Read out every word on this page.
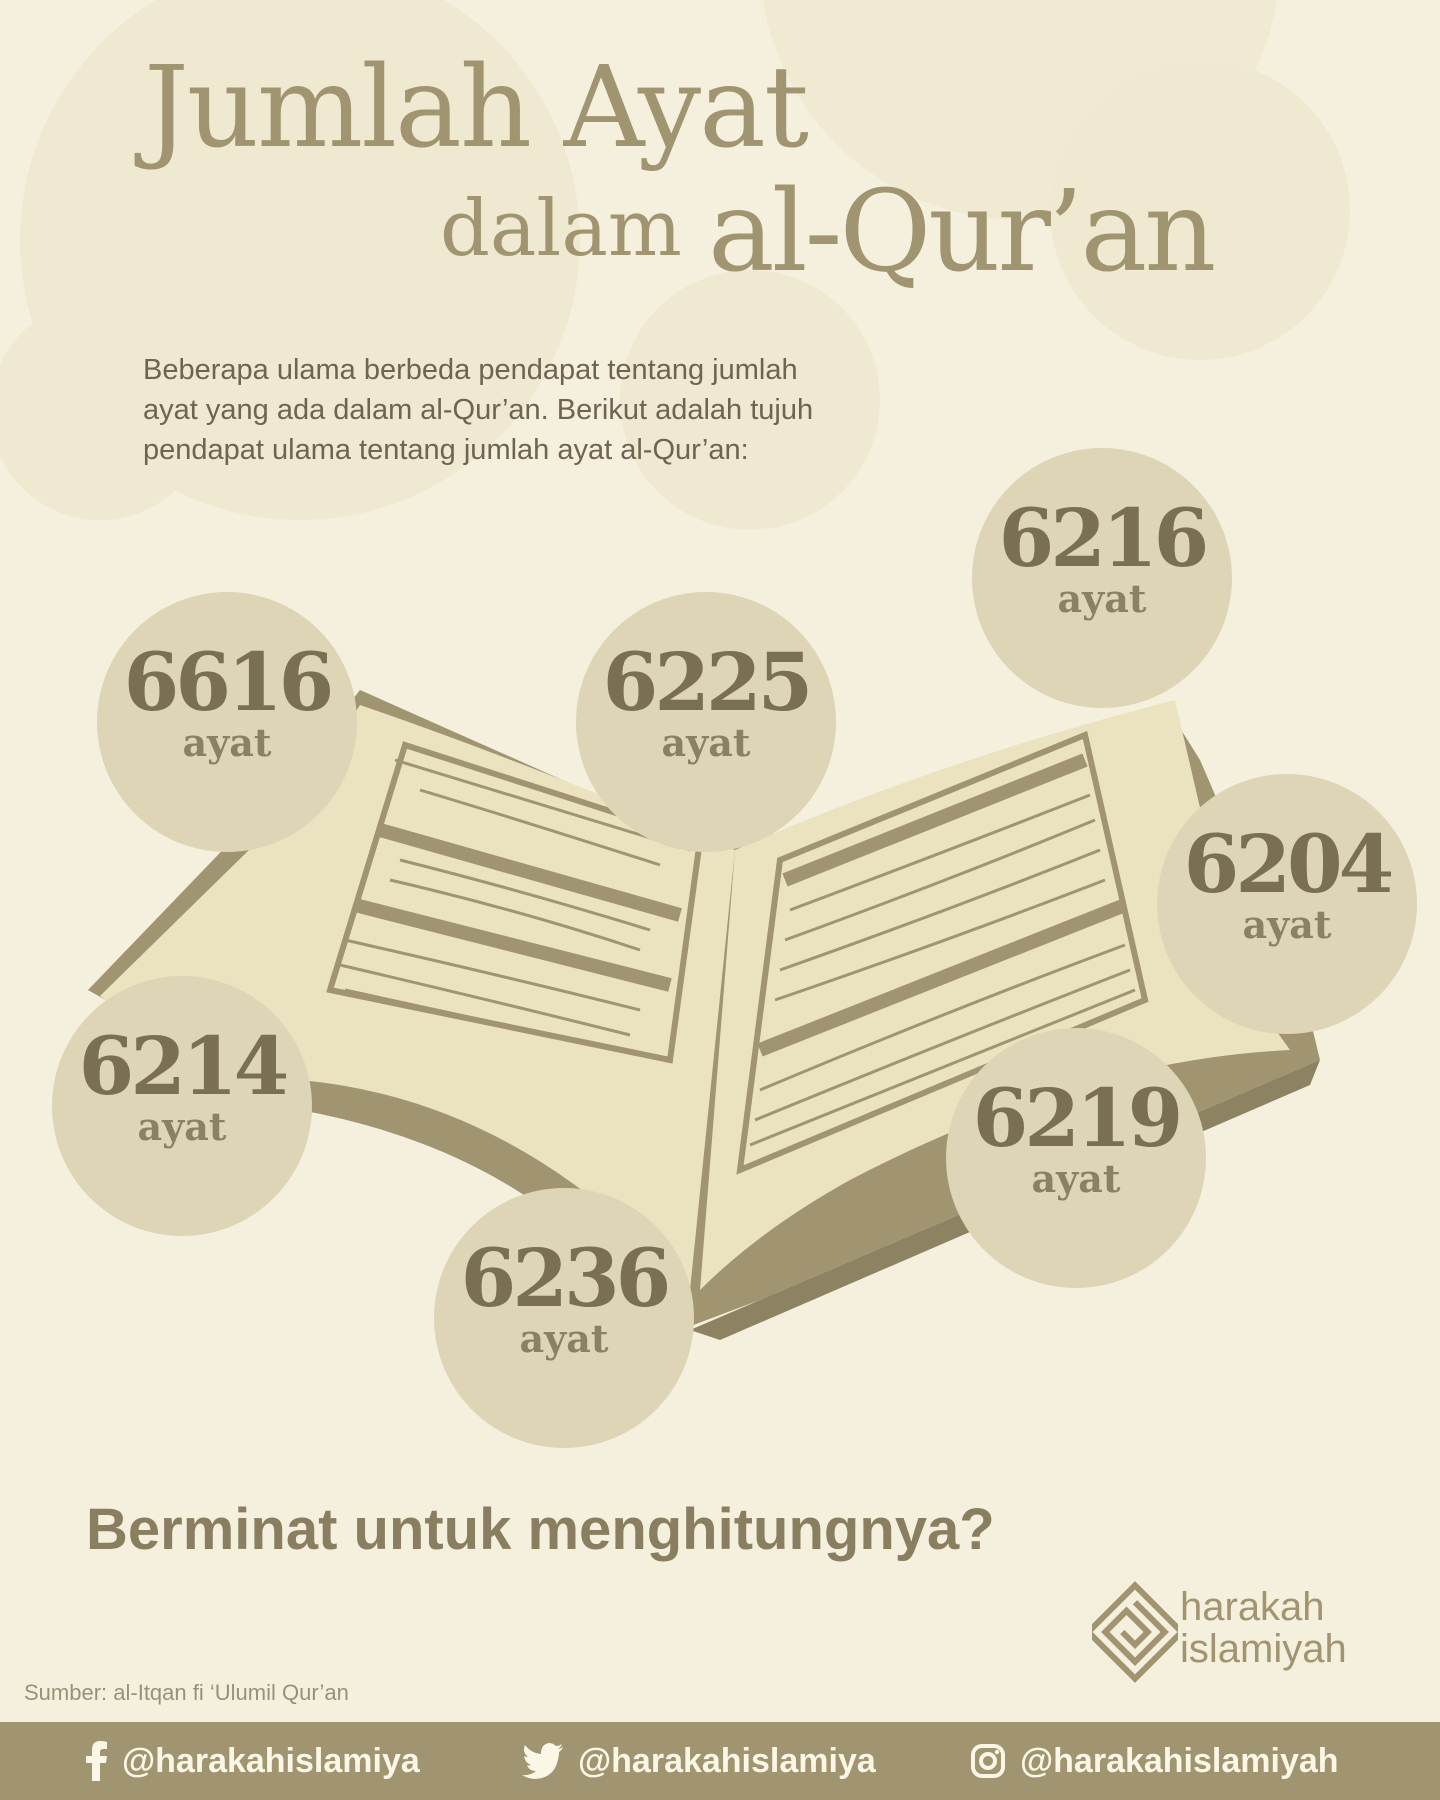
Jumlah Ayat
dalam al-Qur’an
Beberapa ulama berbeda pendapat tentang jumlah ayat yang ada dalam al-Qur’an. Berikut adalah tujuh pendapat ulama tentang jumlah ayat al-Qur’an:
6616
ayat
6225
ayat
6216
ayat
6204
ayat
6214
ayat	6219
ayat
6236
ayat
Berminat untuk menghitungnya?
harakah
islamiyah
Sumber: al-Itqan fi ‘Ulumil Qur’an
@harakahislamiya	@harakahislamiya	@harakahislamiyah
